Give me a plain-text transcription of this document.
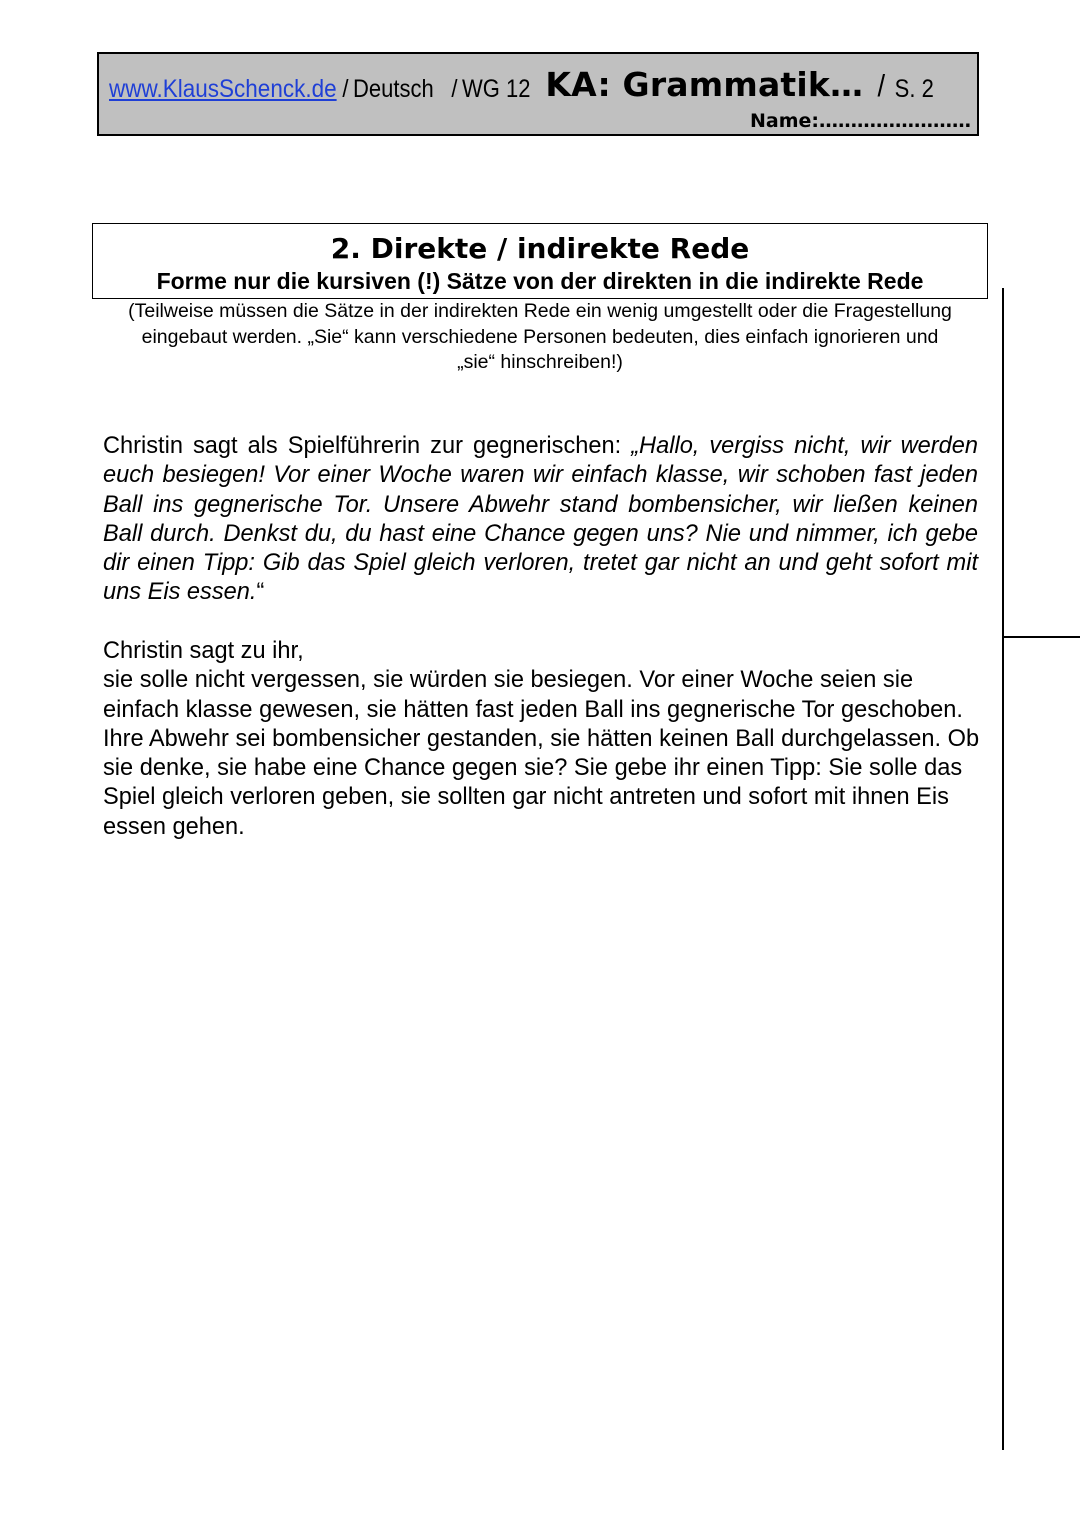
www.KlausSchenck.de / Deutsch / WG 12 KA: Grammatik… / S. 2
Name:……………………
2. Direkte / indirekte Rede
Forme nur die kursiven (!) Sätze von der direkten in die indirekte Rede
(Teilweise müssen die Sätze in der indirekten Rede ein wenig umgestellt oder die Fragestellung eingebaut werden. „Sie“ kann verschiedene Personen bedeuten, dies einfach ignorieren und „sie“ hinschreiben!)
Christin sagt als Spielführerin zur gegnerischen: „Hallo, vergiss nicht, wir werden euch besiegen! Vor einer Woche waren wir einfach klasse, wir schoben fast jeden Ball ins gegnerische Tor. Unsere Abwehr stand bombensicher, wir ließen keinen Ball durch. Denkst du, du hast eine Chance gegen uns? Nie und nimmer, ich gebe dir einen Tipp: Gib das Spiel gleich verloren, tretet gar nicht an und geht sofort mit uns Eis essen.“

Christin sagt zu ihr,

sie solle nicht vergessen, sie würden sie besiegen. Vor einer Woche seien sie einfach klasse gewesen, sie hätten fast jeden Ball ins gegnerische Tor geschoben. Ihre Abwehr sei bombensicher gestanden, sie hätten keinen Ball durchgelassen. Ob sie denke, sie habe eine Chance gegen sie? Sie gebe ihr einen Tipp: Sie solle das Spiel gleich verloren geben, sie sollten gar nicht antreten und sofort mit ihnen Eis essen gehen.
